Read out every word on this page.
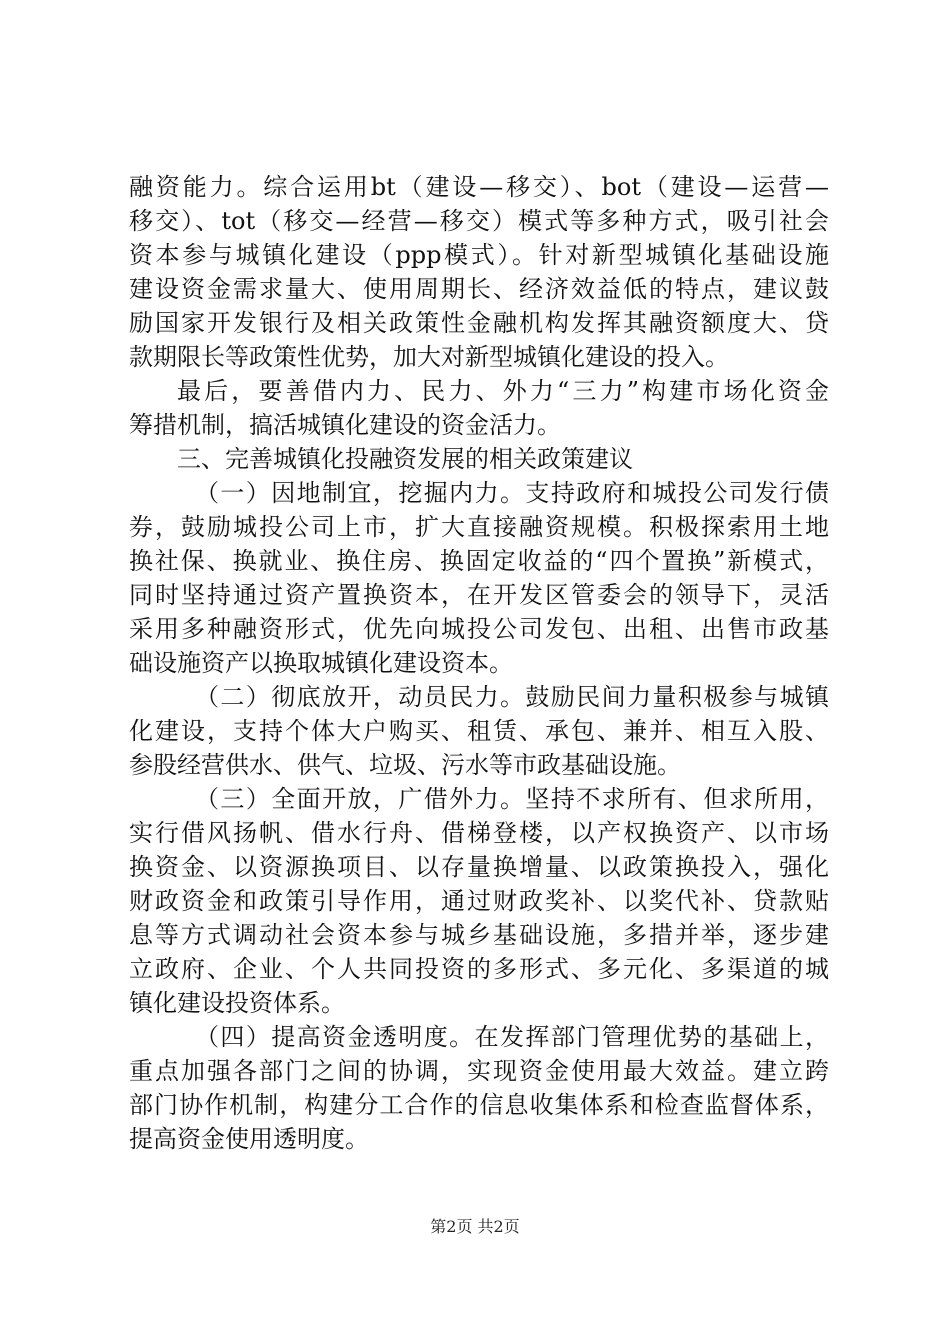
融资能力。综合运用bt（建设—移交）、bot（建设—运营—
移交）、tot（移交—经营—移交）模式等多种方式，吸引社会
资本参与城镇化建设（ppp模式）。针对新型城镇化基础设施
建设资金需求量大、使用周期长、经济效益低的特点，建议鼓
励国家开发银行及相关政策性金融机构发挥其融资额度大、贷
款期限长等政策性优势，加大对新型城镇化建设的投入。
最后，要善借内力、民力、外力“三力”构建市场化资金
筹措机制，搞活城镇化建设的资金活力。
三、完善城镇化投融资发展的相关政策建议
（一）因地制宜，挖掘内力。支持政府和城投公司发行债
券，鼓励城投公司上市，扩大直接融资规模。积极探索用土地
换社保、换就业、换住房、换固定收益的“四个置换”新模式，
同时坚持通过资产置换资本，在开发区管委会的领导下，灵活
采用多种融资形式，优先向城投公司发包、出租、出售市政基
础设施资产以换取城镇化建设资本。
（二）彻底放开，动员民力。鼓励民间力量积极参与城镇
化建设，支持个体大户购买、租赁、承包、兼并、相互入股、
参股经营供水、供气、垃圾、污水等市政基础设施。
（三）全面开放，广借外力。坚持不求所有、但求所用，
实行借风扬帆、借水行舟、借梯登楼，以产权换资产、以市场
换资金、以资源换项目、以存量换增量、以政策换投入，强化
财政资金和政策引导作用，通过财政奖补、以奖代补、贷款贴
息等方式调动社会资本参与城乡基础设施，多措并举，逐步建
立政府、企业、个人共同投资的多形式、多元化、多渠道的城
镇化建设投资体系。
（四）提高资金透明度。在发挥部门管理优势的基础上，
重点加强各部门之间的协调，实现资金使用最大效益。建立跨
部门协作机制，构建分工合作的信息收集体系和检查监督体系，
提高资金使用透明度。
第2页 共2页
